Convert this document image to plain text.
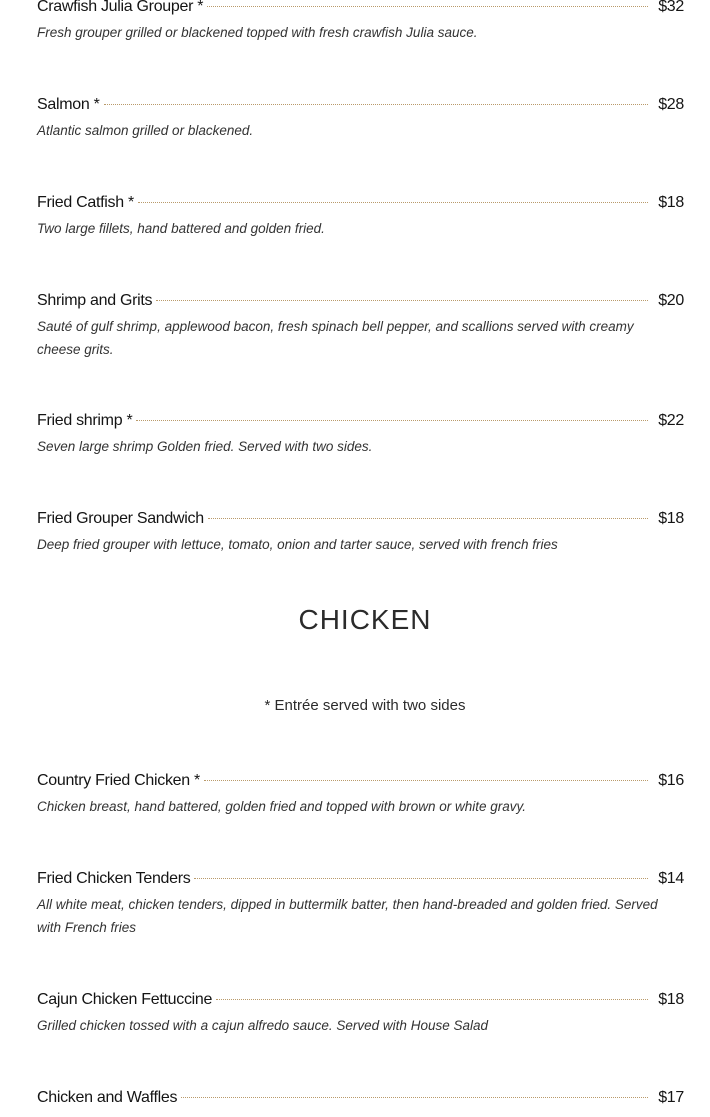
Crawfish Julia Grouper *	$32
Fresh grouper grilled or blackened topped with fresh crawfish Julia sauce.
Salmon *	$28
Atlantic salmon grilled or blackened.
Fried Catfish *	$18
Two large fillets, hand battered and golden fried.
Shrimp and Grits	$20
Sauté of gulf shrimp, applewood bacon, fresh spinach bell pepper, and scallions served with creamy cheese grits.
Fried shrimp *	$22
Seven large shrimp Golden fried. Served with two sides.
Fried Grouper Sandwich	$18
Deep fried grouper with lettuce, tomato, onion and tarter sauce, served with french fries
CHICKEN
* Entrée served with two sides
Country Fried Chicken *	$16
Chicken breast, hand battered, golden fried and topped with brown or white gravy.
Fried Chicken Tenders	$14
All white meat, chicken tenders, dipped in buttermilk batter, then hand-breaded and golden fried. Served with French fries
Cajun Chicken Fettuccine	$18
Grilled chicken tossed with a cajun alfredo sauce. Served with House Salad
Chicken and Waffles	$17
